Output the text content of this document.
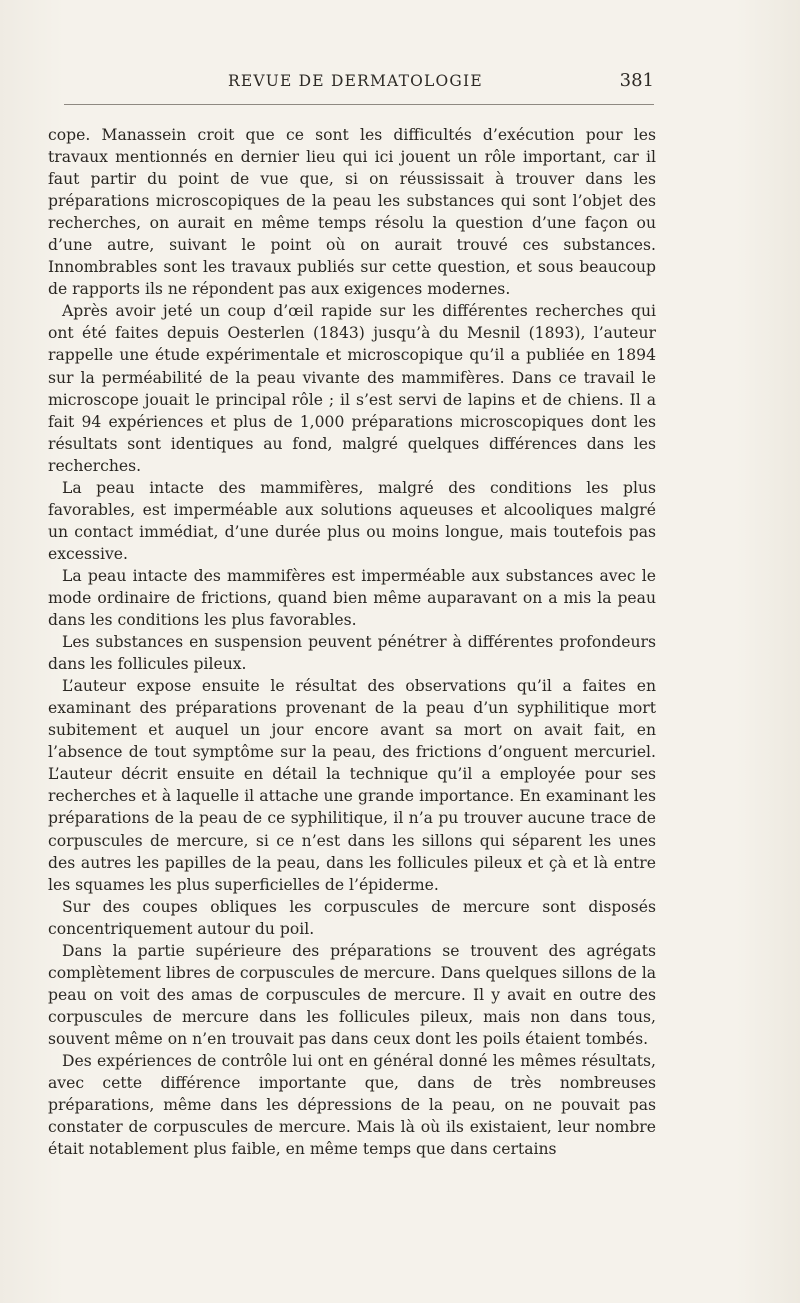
REVUE DE DERMATOLOGIE	381

cope. Manassein croit que ce sont les difficultés d’exécution pour les travaux mentionnés en dernier lieu qui ici jouent un rôle important, car il faut partir du point de vue que, si on réussissait à trouver dans les préparations microscopiques de la peau les substances qui sont l’objet des recherches, on aurait en même temps résolu la question d’une façon ou d’une autre, suivant le point où on aurait trouvé ces substances. Innombrables sont les travaux publiés sur cette question, et sous beaucoup de rapports ils ne répondent pas aux exigences modernes.

Après avoir jeté un coup d’œil rapide sur les différentes recherches qui ont été faites depuis Oesterlen (1843) jusqu’à du Mesnil (1893), l’auteur rappelle une étude expérimentale et microscopique qu’il a publiée en 1894 sur la perméabilité de la peau vivante des mammifères. Dans ce travail le microscope jouait le principal rôle ; il s’est servi de lapins et de chiens. Il a fait 94 expériences et plus de 1,000 préparations microscopiques dont les résultats sont identiques au fond, malgré quelques différences dans les recherches.

La peau intacte des mammifères, malgré des conditions les plus favorables, est imperméable aux solutions aqueuses et alcooliques malgré un contact immédiat, d’une durée plus ou moins longue, mais toutefois pas excessive.

La peau intacte des mammifères est imperméable aux substances avec le mode ordinaire de frictions, quand bien même auparavant on a mis la peau dans les conditions les plus favorables.

Les substances en suspension peuvent pénétrer à différentes profondeurs dans les follicules pileux.

L’auteur expose ensuite le résultat des observations qu’il a faites en examinant des préparations provenant de la peau d’un syphilitique mort subitement et auquel un jour encore avant sa mort on avait fait, en l’absence de tout symptôme sur la peau, des frictions d’onguent mercuriel. L’auteur décrit ensuite en détail la technique qu’il a employée pour ses recherches et à laquelle il attache une grande importance. En examinant les préparations de la peau de ce syphilitique, il n’a pu trouver aucune trace de corpuscules de mercure, si ce n’est dans les sillons qui séparent les unes des autres les papilles de la peau, dans les follicules pileux et çà et là entre les squames les plus superficielles de l’épiderme.

Sur des coupes obliques les corpuscules de mercure sont disposés concentriquement autour du poil.

Dans la partie supérieure des préparations se trouvent des agrégats complètement libres de corpuscules de mercure. Dans quelques sillons de la peau on voit des amas de corpuscules de mercure. Il y avait en outre des corpuscules de mercure dans les follicules pileux, mais non dans tous, souvent même on n’en trouvait pas dans ceux dont les poils étaient tombés.

Des expériences de contrôle lui ont en général donné les mêmes résultats, avec cette différence importante que, dans de très nombreuses préparations, même dans les dépressions de la peau, on ne pouvait pas constater de corpuscules de mercure. Mais là où ils existaient, leur nombre était notablement plus faible, en même temps que dans certains
